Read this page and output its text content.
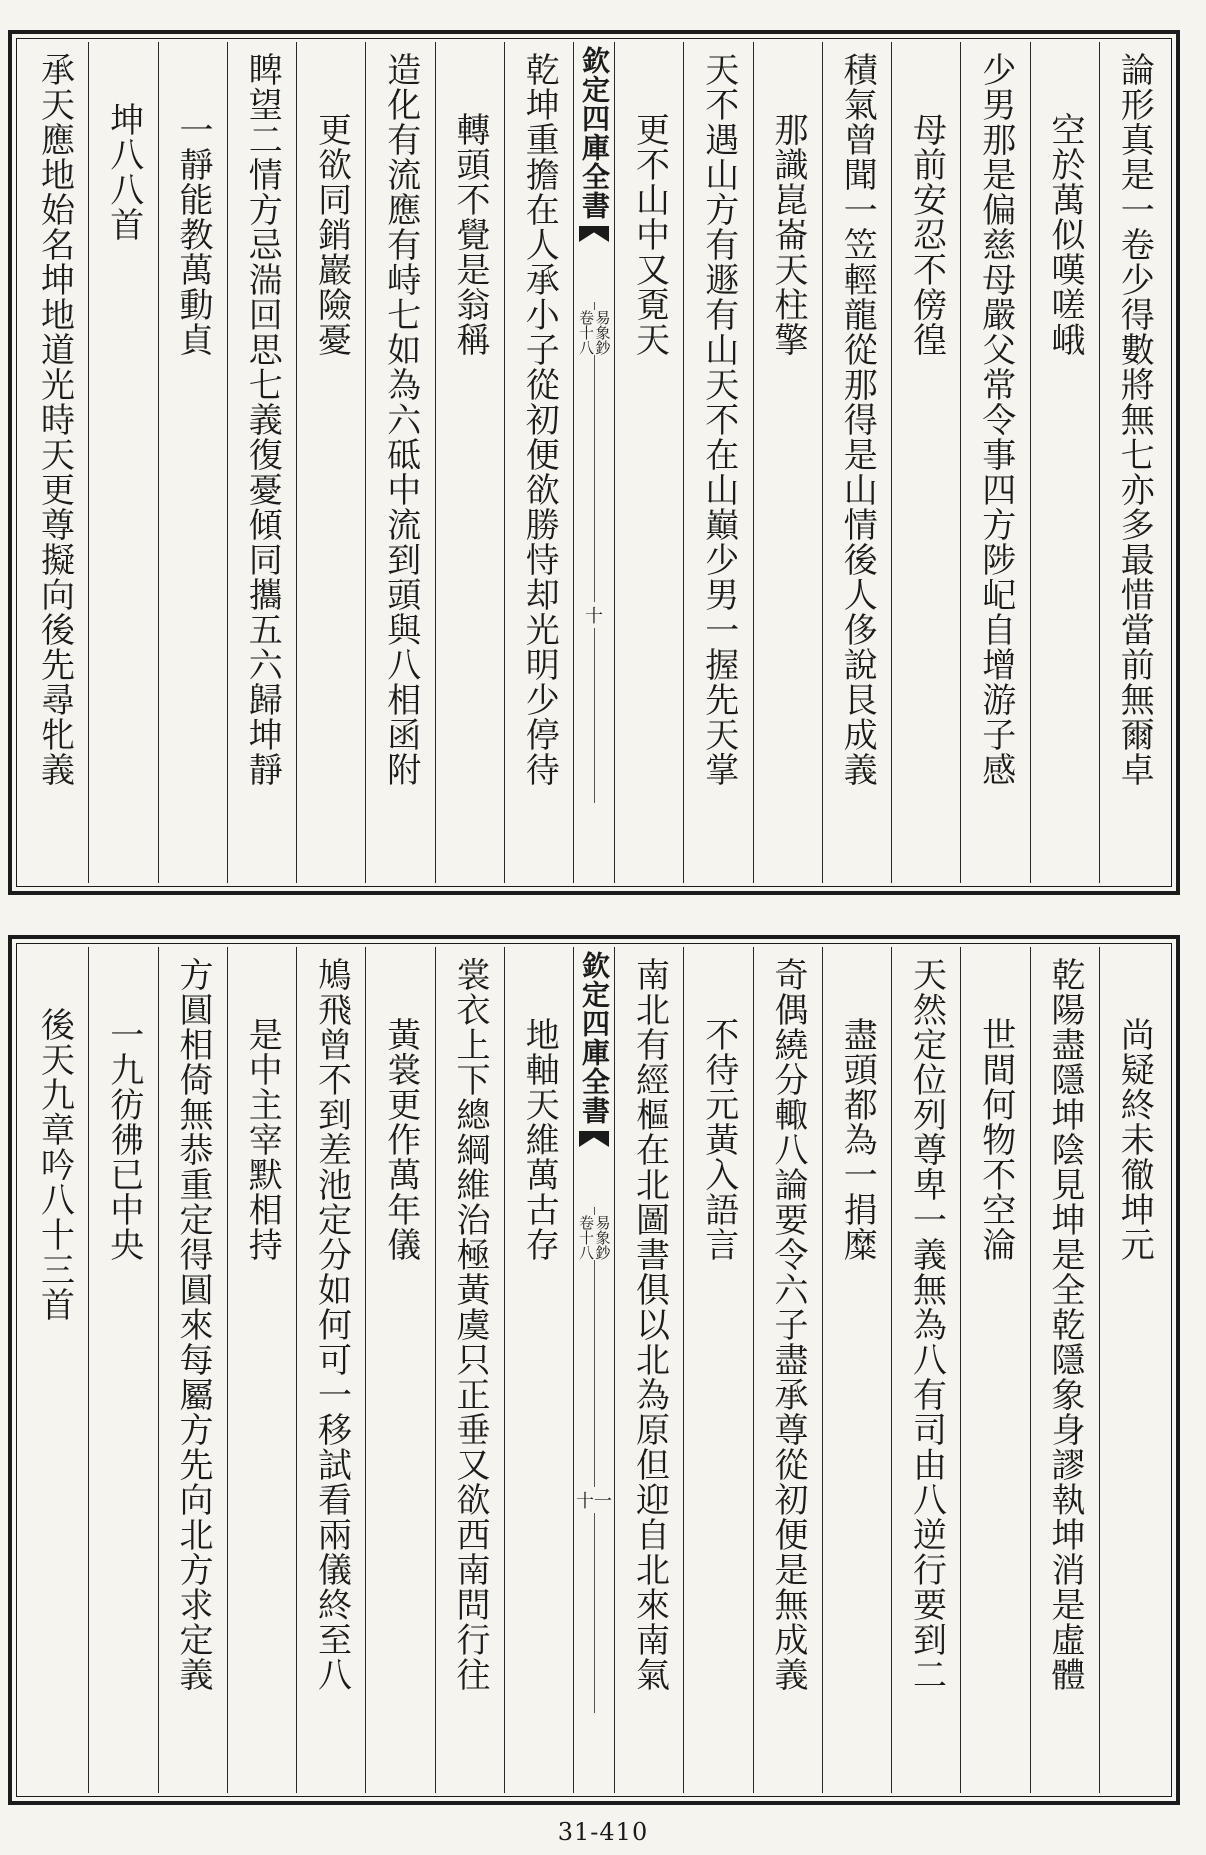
論形真是一卷少得數將無七亦多最惜當前無爾卓
空於萬似嘆嗟峨
少男那是偏慈母嚴父常令事四方陟屺自增游子感
母前安忍不傍徨
積氣曾聞一笠輕龍從那得是山情後人侈說艮成義
那識崑崙天柱擎
天不遇山方有遯有山天不在山巔少男一握先天掌
更不山中又覔天
欽定四庫全書
易象鈔
卷十八
十
乾坤重擔在人承小子從初便欲勝恃却光明少停待
轉頭不覺是翁稱
造化有流應有峙七如為六砥中流到頭與八相函附
更欲同銷巖險憂
睥望二情方忌湍回思七義復憂傾同攜五六歸坤靜
一靜能教萬動貞
坤八八首
承天應地始名坤地道光時天更尊擬向後先尋牝義
尚疑終未徹坤元
乾陽盡隱坤陰見坤是全乾隱象身謬執坤消是虛體
世間何物不空淪
天然定位列尊卑一義無為八有司由八逆行要到二
盡頭都為一捐糜
奇偶繞分輙八論要令六子盡承尊從初便是無成義
不待元黃入語言
南北有經樞在北圖書俱以北為原但迎自北來南氣
欽定四庫全書
易象鈔
卷十八
十一
地軸天維萬古存
裳衣上下總綱維治極黃虞只正垂又欲西南問行往
黃裳更作萬年儀
鳩飛曾不到差池定分如何可一移試看兩儀終至八
是中主宰默相持
方圓相倚無恭重定得圓來每屬方先向北方求定義
一九彷彿已中央
後天九章吟八十三首
31-410
